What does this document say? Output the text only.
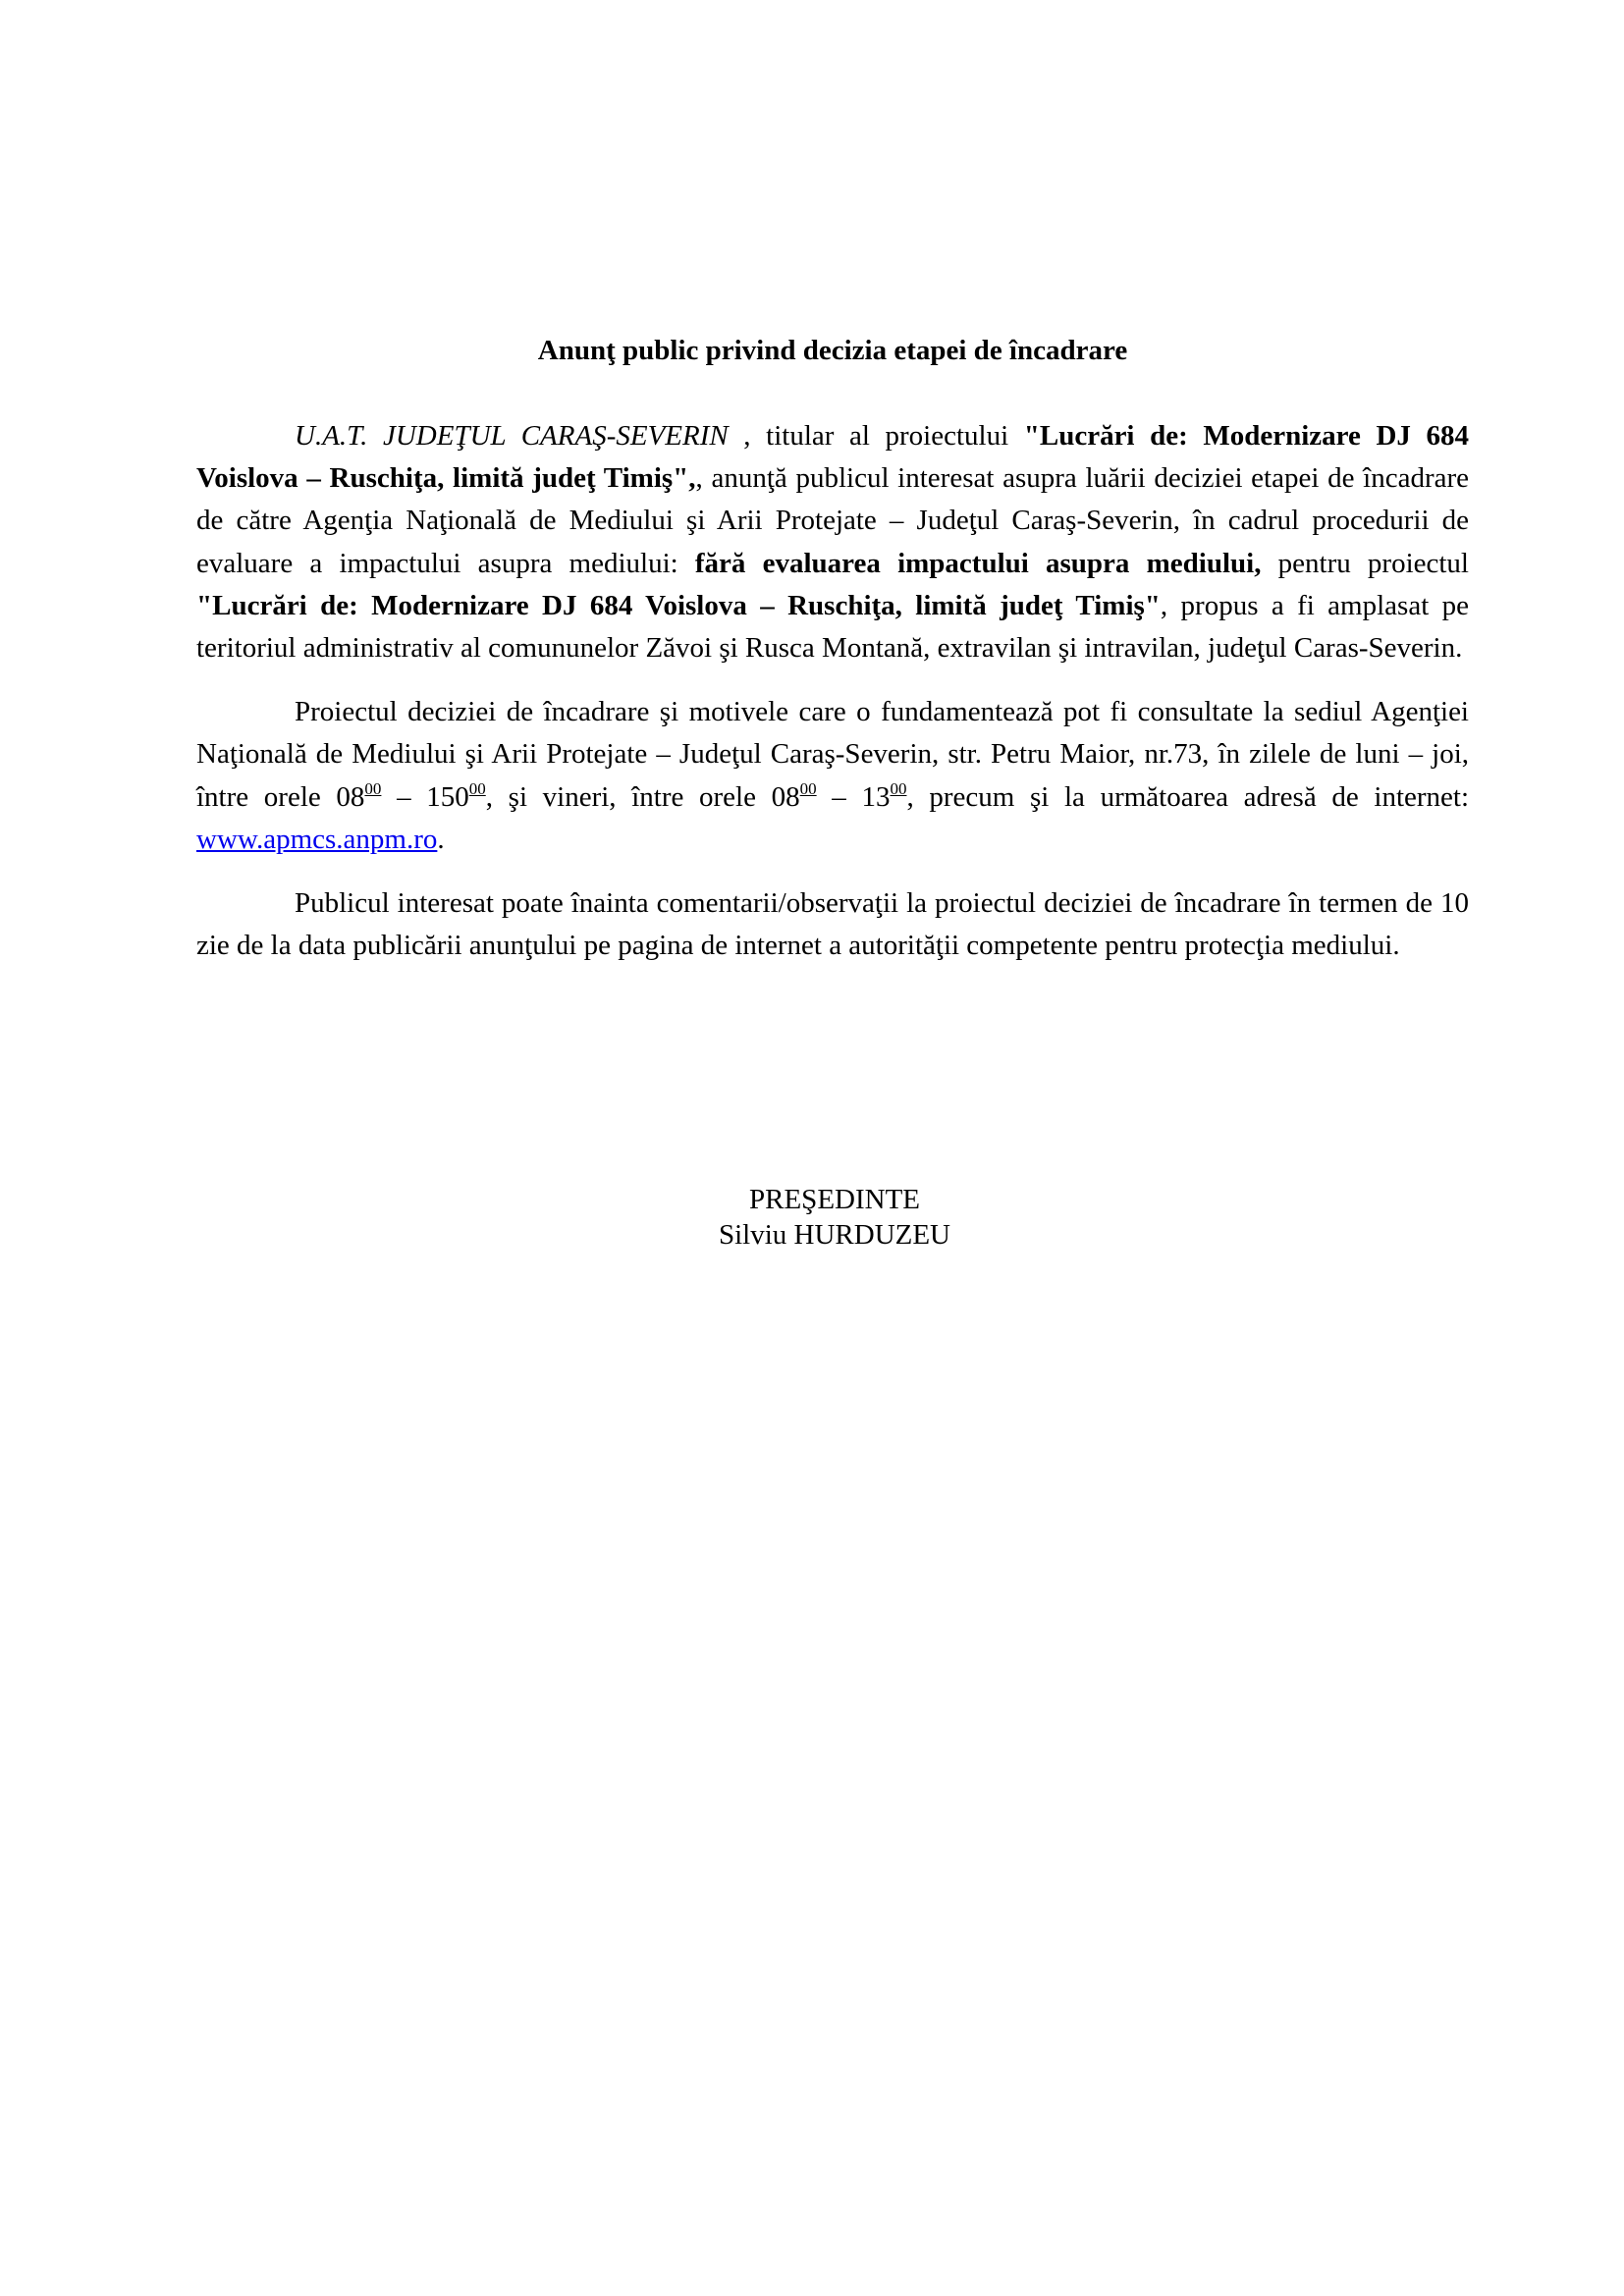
Anunţ public privind decizia etapei de încadrare

U.A.T. JUDEŢUL CARAŞ-SEVERIN , titular al proiectului "Lucrări de: Modernizare DJ 684 Voislova – Ruschiţa, limită judeţ Timiş",, anunţă publicul interesat asupra luării deciziei etapei de încadrare de către Agenţia Naţională de Mediului şi Arii Protejate – Judeţul Caraş-Severin, în cadrul procedurii de evaluare a impactului asupra mediului: fără evaluarea impactului asupra mediului, pentru proiectul "Lucrări de: Modernizare DJ 684 Voislova – Ruschiţa, limită judeţ Timiş", propus a fi amplasat pe teritoriul administrativ al comununelor Zăvoi şi Rusca Montană, extravilan şi intravilan, judeţul Caras-Severin.

Proiectul deciziei de încadrare şi motivele care o fundamentează pot fi consultate la sediul Agenţiei Naţională de Mediului şi Arii Protejate – Judeţul Caraş-Severin, str. Petru Maior, nr.73, în zilele de luni – joi, între orele $08^{00} - 150^{00}$, şi vineri, între orele $08^{00} - 13^{00}$, precum şi la următoarea adresă de internet: www.apmcs.anpm.ro.

Publicul interesat poate înainta comentarii/observaţii la proiectul deciziei de încadrare în termen de 10 zie de la data publicării anunţului pe pagina de internet a autorităţii competente pentru protecţia mediului.

PREŞEDINTE
Silviu HURDUZEU
